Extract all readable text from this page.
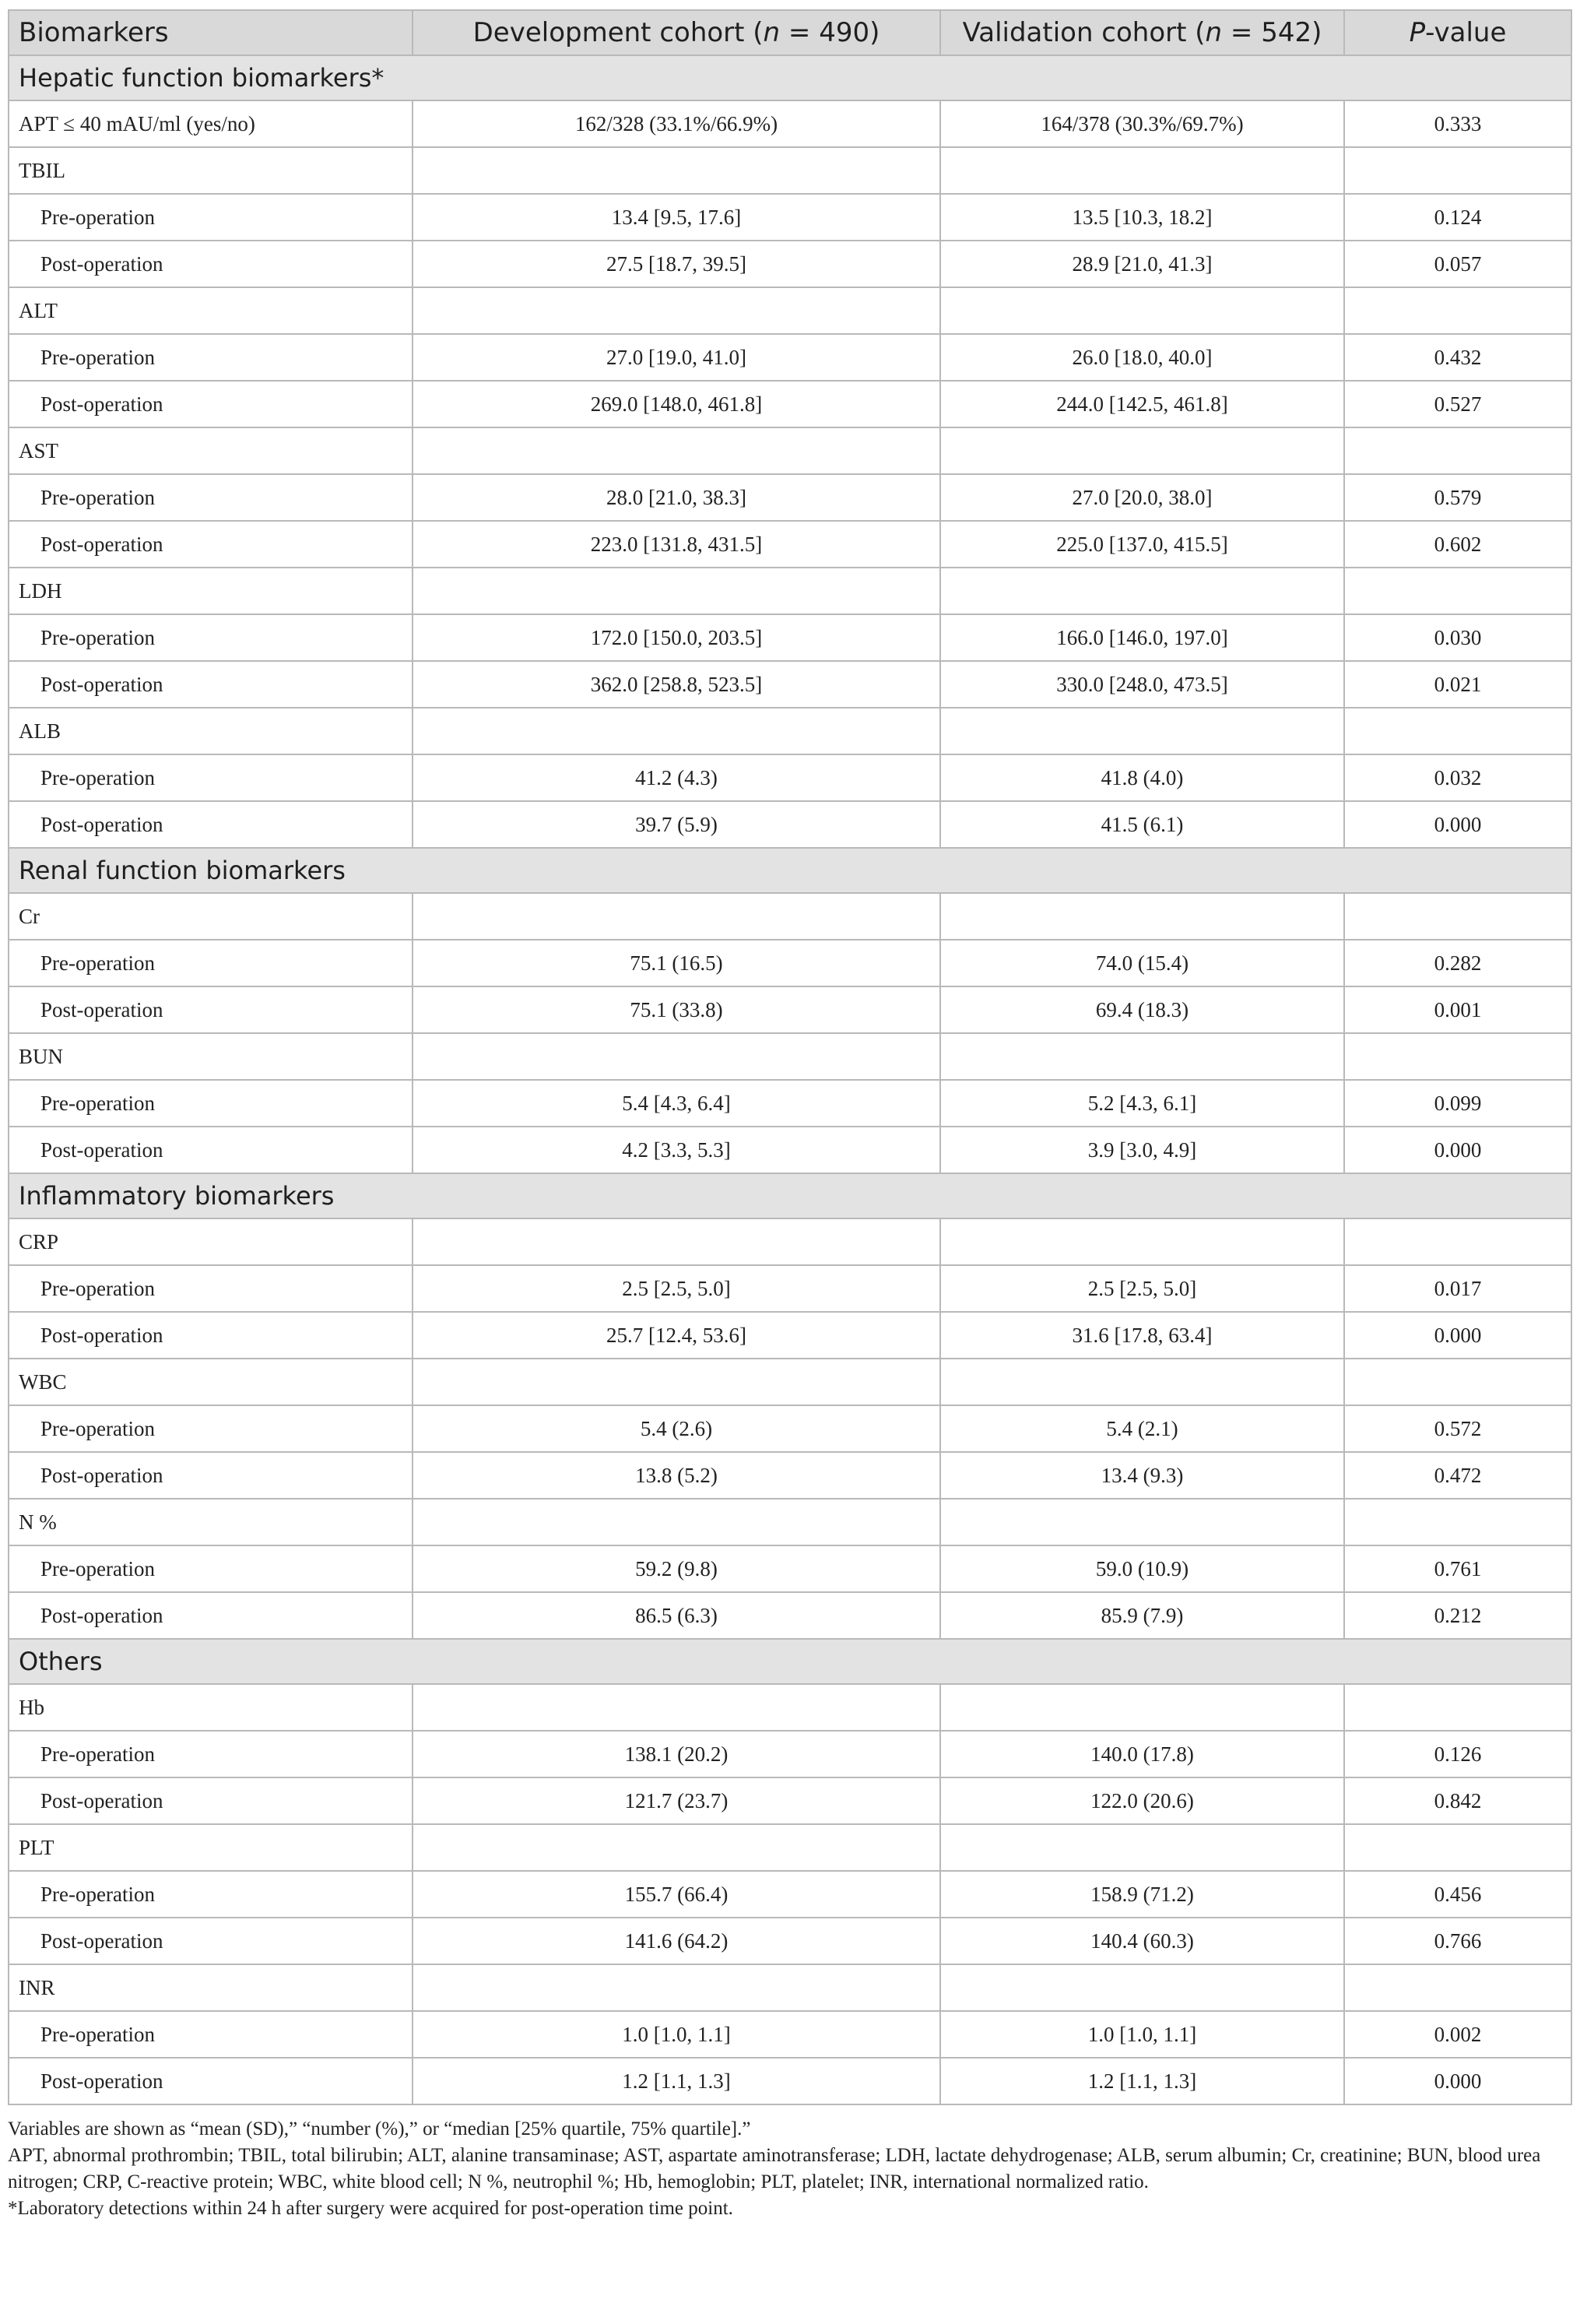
Biomarkers	Development cohort (n = 490)	Validation cohort (n = 542)	P-value
Hepatic function biomarkers*			
APT ≤ 40 mAU/ml (yes/no)	162/328 (33.1%/66.9%)	164/378 (30.3%/69.7%)	0.333
TBIL			
Pre-operation	13.4 [9.5, 17.6]	13.5 [10.3, 18.2]	0.124
Post-operation	27.5 [18.7, 39.5]	28.9 [21.0, 41.3]	0.057
ALT			
Pre-operation	27.0 [19.0, 41.0]	26.0 [18.0, 40.0]	0.432
Post-operation	269.0 [148.0, 461.8]	244.0 [142.5, 461.8]	0.527
AST			
Pre-operation	28.0 [21.0, 38.3]	27.0 [20.0, 38.0]	0.579
Post-operation	223.0 [131.8, 431.5]	225.0 [137.0, 415.5]	0.602
LDH			
Pre-operation	172.0 [150.0, 203.5]	166.0 [146.0, 197.0]	0.030
Post-operation	362.0 [258.8, 523.5]	330.0 [248.0, 473.5]	0.021
ALB			
Pre-operation	41.2 (4.3)	41.8 (4.0)	0.032
Post-operation	39.7 (5.9)	41.5 (6.1)	0.000
Renal function biomarkers			
Cr			
Pre-operation	75.1 (16.5)	74.0 (15.4)	0.282
Post-operation	75.1 (33.8)	69.4 (18.3)	0.001
BUN			
Pre-operation	5.4 [4.3, 6.4]	5.2 [4.3, 6.1]	0.099
Post-operation	4.2 [3.3, 5.3]	3.9 [3.0, 4.9]	0.000
Inflammatory biomarkers			
CRP			
Pre-operation	2.5 [2.5, 5.0]	2.5 [2.5, 5.0]	0.017
Post-operation	25.7 [12.4, 53.6]	31.6 [17.8, 63.4]	0.000
WBC			
Pre-operation	5.4 (2.6)	5.4 (2.1)	0.572
Post-operation	13.8 (5.2)	13.4 (9.3)	0.472
N %			
Pre-operation	59.2 (9.8)	59.0 (10.9)	0.761
Post-operation	86.5 (6.3)	85.9 (7.9)	0.212
Others			
Hb			
Pre-operation	138.1 (20.2)	140.0 (17.8)	0.126
Post-operation	121.7 (23.7)	122.0 (20.6)	0.842
PLT			
Pre-operation	155.7 (66.4)	158.9 (71.2)	0.456
Post-operation	141.6 (64.2)	140.4 (60.3)	0.766
INR			
Pre-operation	1.0 [1.0, 1.1]	1.0 [1.0, 1.1]	0.002
Post-operation	1.2 [1.1, 1.3]	1.2 [1.1, 1.3]	0.000

Variables are shown as “mean (SD),” “number (%),” or “median [25% quartile, 75% quartile].”

APT, abnormal prothrombin; TBIL, total bilirubin; ALT, alanine transaminase; AST, aspartate aminotransferase; LDH, lactate dehydrogenase; ALB, serum albumin; Cr, creatinine; BUN, blood urea nitrogen; CRP, C-reactive protein; WBC, white blood cell; N %, neutrophil %; Hb, hemoglobin; PLT, platelet; INR, international normalized ratio.

*Laboratory detections within 24 h after surgery were acquired for post-operation time point.
